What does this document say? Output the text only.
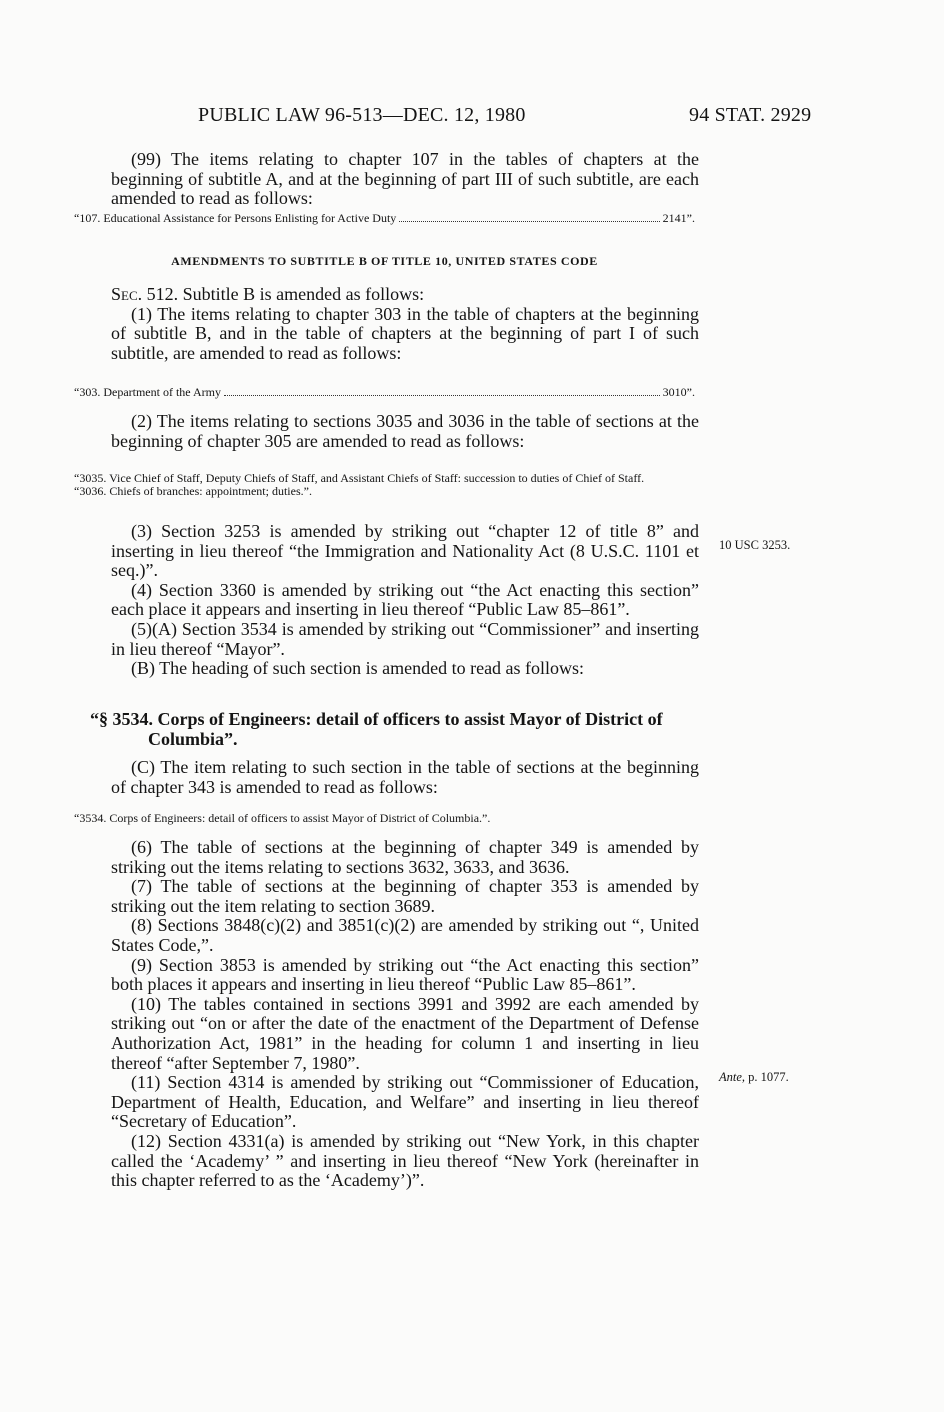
PUBLIC LAW 96-513—DEC. 12, 1980	94 STAT. 2929

(99) The items relating to chapter 107 in the tables of chapters at the beginning of subtitle A, and at the beginning of part III of such subtitle, are each amended to read as follows:

“107. Educational Assistance for Persons Enlisting for Active Duty	2141”.
AMENDMENTS TO SUBTITLE B OF TITLE 10, UNITED STATES CODE

Sec. 512. Subtitle B is amended as follows:

(1) The items relating to chapter 303 in the table of chapters at the beginning of subtitle B, and in the table of chapters at the beginning of part I of such subtitle, are amended to read as follows:

“303. Department of the Army	3010”.

(2) The items relating to sections 3035 and 3036 in the table of sections at the beginning of chapter 305 are amended to read as follows:

“3035. Vice Chief of Staff, Deputy Chiefs of Staff, and Assistant Chiefs of Staff: succession to duties of Chief of Staff.

“3036. Chiefs of branches: appointment; duties.”.

(3) Section 3253 is amended by striking out “chapter 12 of title 8” and inserting in lieu thereof “the Immigration and Nationality Act (8 U.S.C. 1101 et seq.)”.

(4) Section 3360 is amended by striking out “the Act enacting this section” each place it appears and inserting in lieu thereof “Public Law 85–861”.

(5)(A) Section 3534 is amended by striking out “Commissioner” and inserting in lieu thereof “Mayor”.

(B) The heading of such section is amended to read as follows:

“§ 3534. Corps of Engineers: detail of officers to assist Mayor of District of Columbia”.

(C) The item relating to such section in the table of sections at the beginning of chapter 343 is amended to read as follows:

“3534. Corps of Engineers: detail of officers to assist Mayor of District of Columbia.”.

(6) The table of sections at the beginning of chapter 349 is amended by striking out the items relating to sections 3632, 3633, and 3636.

(7) The table of sections at the beginning of chapter 353 is amended by striking out the item relating to section 3689.

(8) Sections 3848(c)(2) and 3851(c)(2) are amended by striking out “, United States Code,”.

(9) Section 3853 is amended by striking out “the Act enacting this section” both places it appears and inserting in lieu thereof “Public Law 85–861”.

(10) The tables contained in sections 3991 and 3992 are each amended by striking out “on or after the date of the enactment of the Department of Defense Authorization Act, 1981” in the heading for column 1 and inserting in lieu thereof “after September 7, 1980”.

(11) Section 4314 is amended by striking out “Commissioner of Education, Department of Health, Education, and Welfare” and inserting in lieu thereof “Secretary of Education”.

(12) Section 4331(a) is amended by striking out “New York, in this chapter called the ‘Academy’ ” and inserting in lieu thereof “New York (hereinafter in this chapter referred to as the ‘Academy’)”.

10 USC 3253.
Ante, p. 1077.
